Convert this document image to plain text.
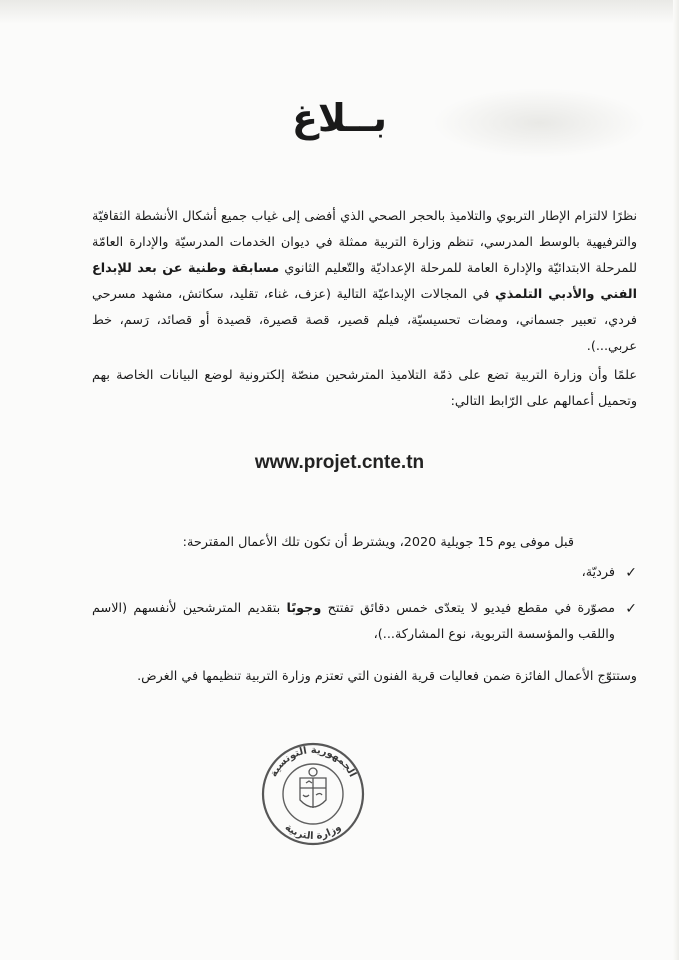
بــلاغ
نظرًا لالتزام الإطار التربوي والتلاميذ بالحجر الصحي الذي أفضى إلى غياب جميع أشكال الأنشطة الثقافيّة والترفيهية بالوسط المدرسي، تنظم وزارة التربية ممثلة في ديوان الخدمات المدرسيّة والإدارة العامّة للمرحلة الابتدائيّة والإدارة العامة للمرحلة الإعداديّة والتّعليم الثانوي مسابقة وطنية عن بعد للإبداع الفني والأدبي التلمذي في المجالات الإبداعيّة التالية (عزف، غناء، تقليد، سكاتش، مشهد مسرحي فردي، تعبير جسماني، ومضات تحسيسيّة، فيلم قصير، قصة قصيرة، قصيدة أو قصائد، رَسم، خط عربي...).
علمًا وأن وزارة التربية تضع على ذمّة التلاميذ المترشحين منصّة إلكترونية لوضع البيانات الخاصة بهم وتحميل أعمالهم على الرّابط التالي:
www.projet.cnte.tn
قبل موفى يوم 15 جويلية 2020، ويشترط أن تكون تلك الأعمال المقترحة:
✓
فرديّة،
✓
مصوّرة في مقطع فيديو لا يتعدّى خمس دقائق تفتتح وجوبًا بتقديم المترشحين لأنفسهم (الاسم واللقب والمؤسسة التربوية، نوع المشاركة...)،
وستتوّج الأعمال الفائزة ضمن فعاليات قرية الفنون التي تعتزم وزارة التربية تنظيمها في الغرض.
الجمهورية التونسية
وزارة التربية
